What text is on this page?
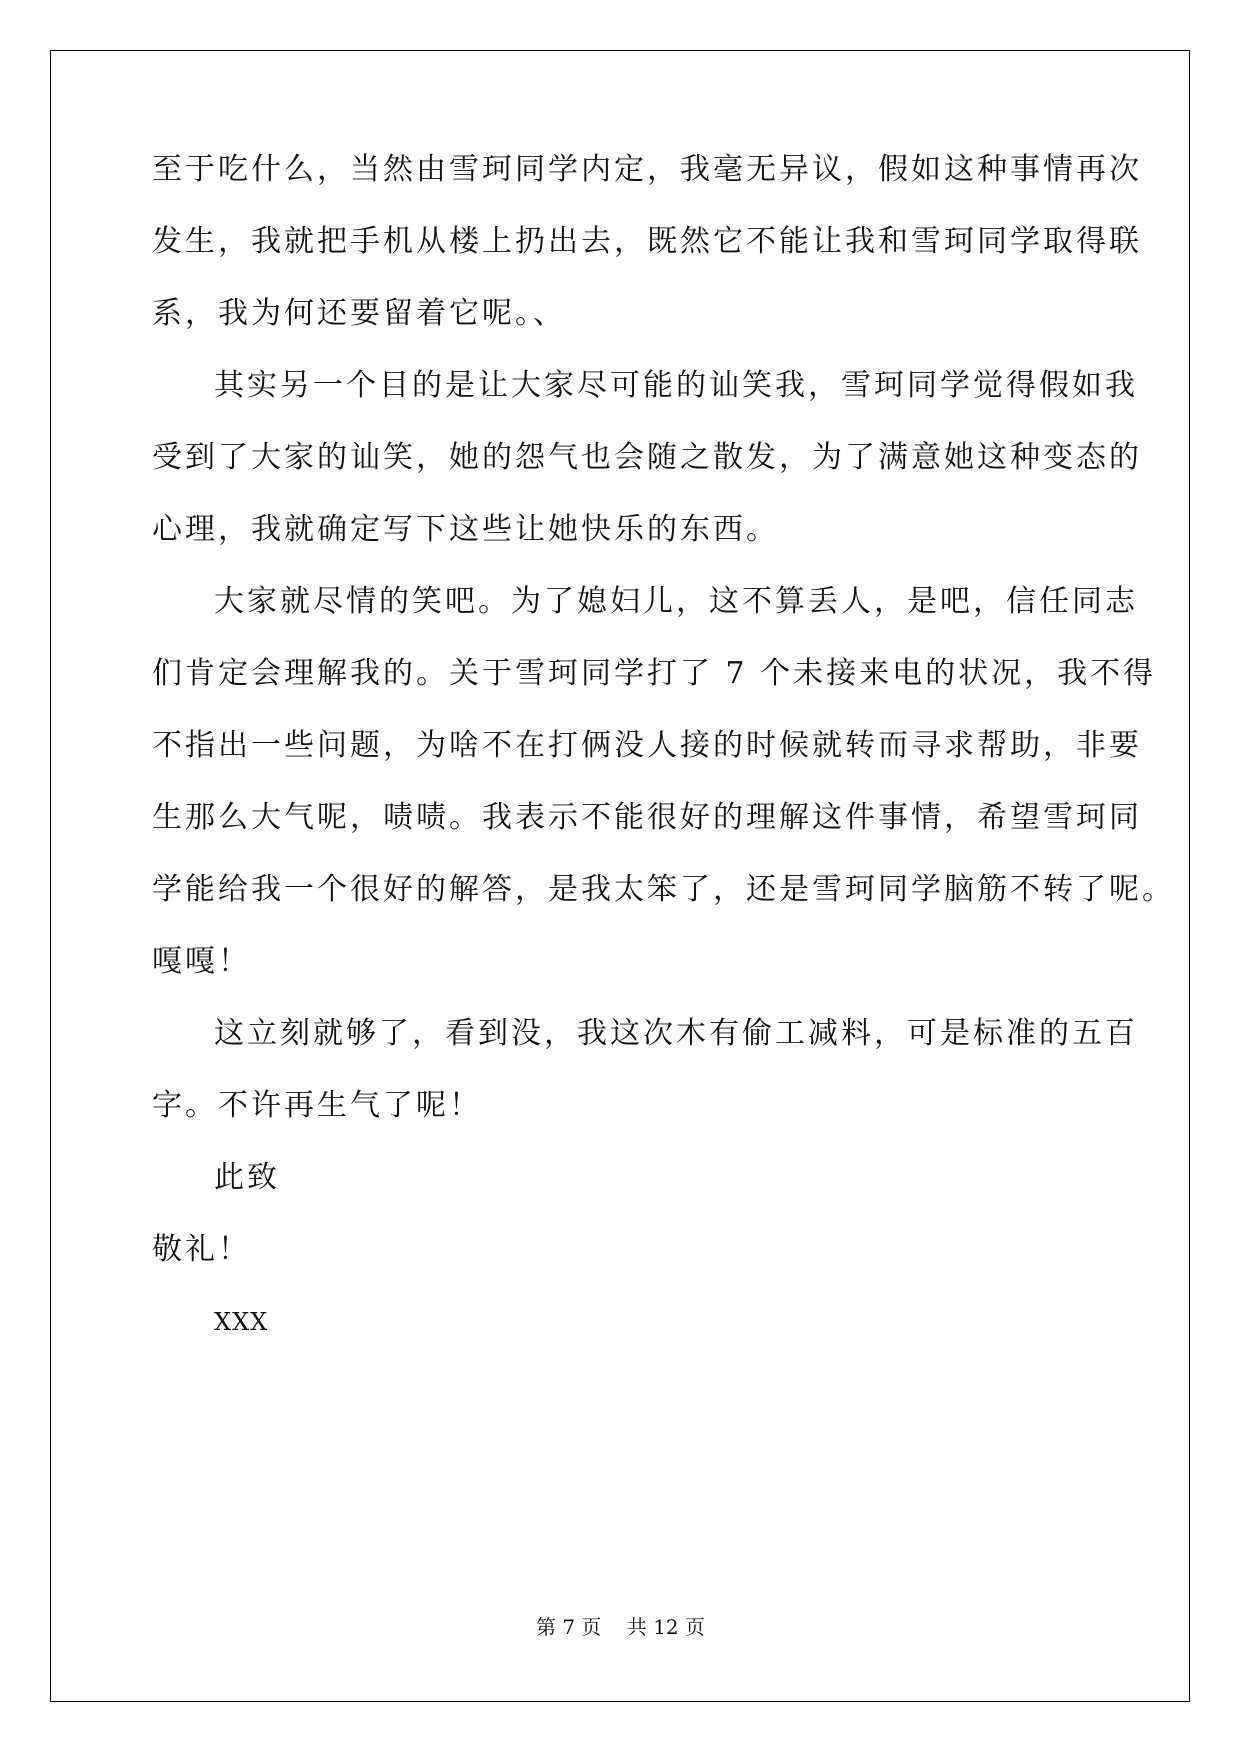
至于吃什么，当然由雪珂同学内定，我毫无异议，假如这种事情再次

发生，我就把手机从楼上扔出去，既然它不能让我和雪珂同学取得联

系，我为何还要留着它呢。、

其实另一个目的是让大家尽可能的讪笑我，雪珂同学觉得假如我

受到了大家的讪笑，她的怨气也会随之散发，为了满意她这种变态的

心理，我就确定写下这些让她快乐的东西。

大家就尽情的笑吧。为了媳妇儿，这不算丢人，是吧，信任同志

们肯定会理解我的。关于雪珂同学打了 7 个未接来电的状况，我不得

不指出一些问题，为啥不在打俩没人接的时候就转而寻求帮助，非要

生那么大气呢，啧啧。我表示不能很好的理解这件事情，希望雪珂同

学能给我一个很好的解答，是我太笨了，还是雪珂同学脑筋不转了呢。

嘎嘎！

这立刻就够了，看到没，我这次木有偷工减料，可是标准的五百

字。不许再生气了呢！

此致

敬礼！

XXX

第 7 页    共 12 页
